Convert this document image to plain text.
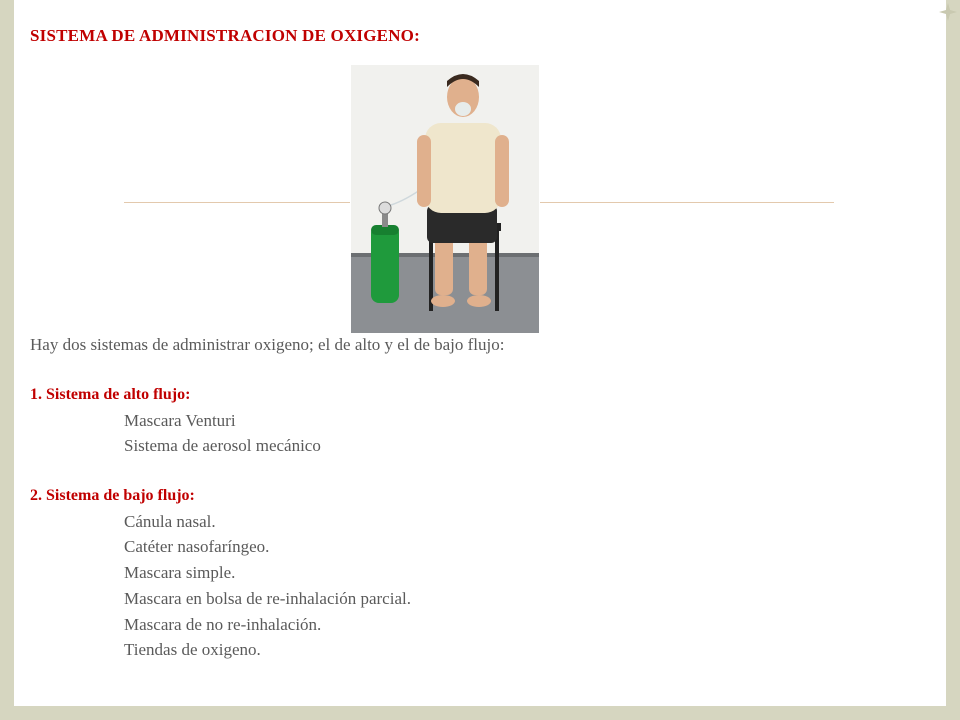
SISTEMA DE ADMINISTRACION DE OXIGENO:
Hay dos sistemas de administrar oxigeno; el de alto y el de bajo flujo:
1. Sistema de alto flujo:
Mascara Venturi
Sistema de aerosol mecánico
2. Sistema de bajo flujo:
Cánula nasal.
Catéter nasofaríngeo.
Mascara simple.
Mascara en bolsa de re-inhalación parcial.
Mascara de no re-inhalación.
Tiendas de oxigeno.
